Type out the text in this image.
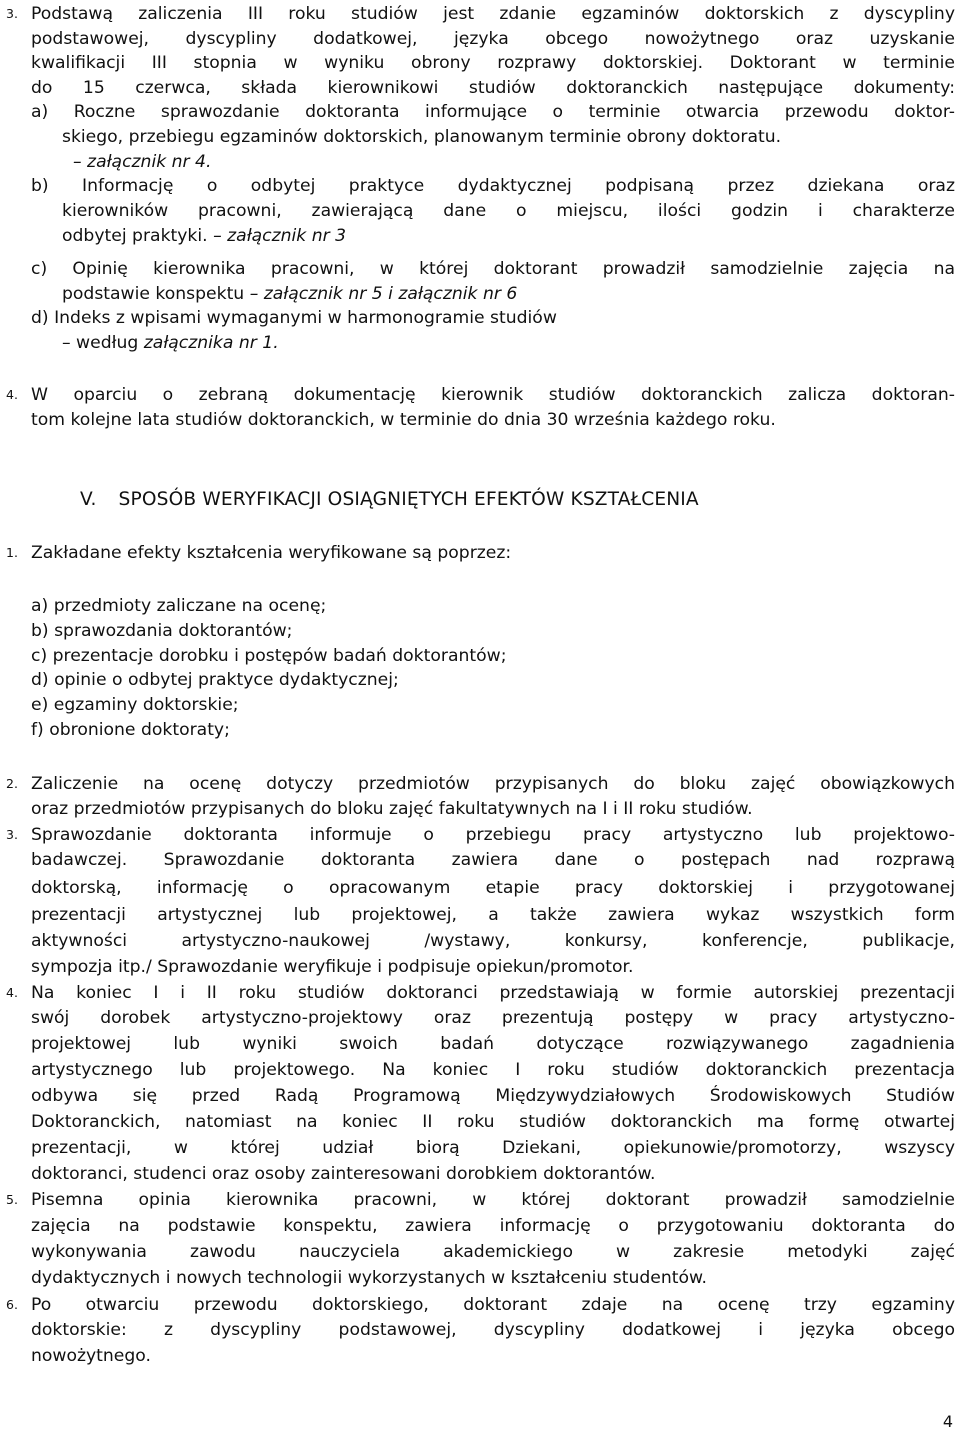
3. Podstawą zaliczenia III roku studiów jest zdanie egzaminów doktorskich z dyscypliny
podstawowej, dyscypliny dodatkowej, języka obcego nowożytnego oraz uzyskanie
kwalifikacji III stopnia w wyniku obrony rozprawy doktorskiej. Doktorant w terminie
do 15 czerwca, składa kierownikowi studiów doktoranckich następujące dokumenty:
a) Roczne sprawozdanie doktoranta informujące o terminie otwarcia przewodu doktor-
skiego, przebiegu egzaminów doktorskich, planowanym terminie obrony doktoratu.
– załącznik nr 4.
b) Informację o odbytej praktyce dydaktycznej podpisaną przez dziekana oraz
kierowników pracowni, zawierającą dane o miejscu, ilości godzin i charakterze
odbytej praktyki. – załącznik nr 3
c) Opinię kierownika pracowni, w której doktorant prowadził samodzielnie zajęcia na
podstawie konspektu – załącznik nr 5 i załącznik nr 6
d) Indeks z wpisami wymaganymi w harmonogramie studiów
– według załącznika nr 1.
4. W oparciu o zebraną dokumentację kierownik studiów doktoranckich zalicza doktoran-
tom kolejne lata studiów doktoranckich, w terminie do dnia 30 września każdego roku.
V. SPOSÓB WERYFIKACJI OSIĄGNIĘTYCH EFEKTÓW KSZTAŁCENIA
1. Zakładane efekty kształcenia weryfikowane są poprzez:
a) przedmioty zaliczane na ocenę;
b) sprawozdania doktorantów;
c) prezentacje dorobku i postępów badań doktorantów;
d) opinie o odbytej praktyce dydaktycznej;
e) egzaminy doktorskie;
f) obronione doktoraty;
2. Zaliczenie na ocenę dotyczy przedmiotów przypisanych do bloku zajęć obowiązkowych
oraz przedmiotów przypisanych do bloku zajęć fakultatywnych na I i II roku studiów.
3. Sprawozdanie doktoranta informuje o przebiegu pracy artystyczno lub projektowo-
badawczej. Sprawozdanie doktoranta zawiera dane o postępach nad rozprawą
doktorską, informację o opracowanym etapie pracy doktorskiej i przygotowanej
prezentacji artystycznej lub projektowej, a także zawiera wykaz wszystkich form
aktywności artystyczno-naukowej /wystawy, konkursy, konferencje, publikacje,
sympozja itp./ Sprawozdanie weryfikuje i podpisuje opiekun/promotor.
4. Na koniec I i II roku studiów doktoranci przedstawiają w formie autorskiej prezentacji
swój dorobek artystyczno-projektowy oraz prezentują postępy w pracy artystyczno-
projektowej lub wyniki swoich badań dotyczące rozwiązywanego zagadnienia
artystycznego lub projektowego. Na koniec I roku studiów doktoranckich prezentacja
odbywa się przed Radą Programową Międzywydziałowych Środowiskowych Studiów
Doktoranckich, natomiast na koniec II roku studiów doktoranckich ma formę otwartej
prezentacji, w której udział biorą Dziekani, opiekunowie/promotorzy, wszyscy
doktoranci, studenci oraz osoby zainteresowani dorobkiem doktorantów.
5. Pisemna opinia kierownika pracowni, w której doktorant prowadził samodzielnie
zajęcia na podstawie konspektu, zawiera informację o przygotowaniu doktoranta do
wykonywania zawodu nauczyciela akademickiego w zakresie metodyki zajęć
dydaktycznych i nowych technologii wykorzystanych w kształceniu studentów.
6. Po otwarciu przewodu doktorskiego, doktorant zdaje na ocenę trzy egzaminy
doktorskie: z dyscypliny podstawowej, dyscypliny dodatkowej i języka obcego
nowożytnego.
4
